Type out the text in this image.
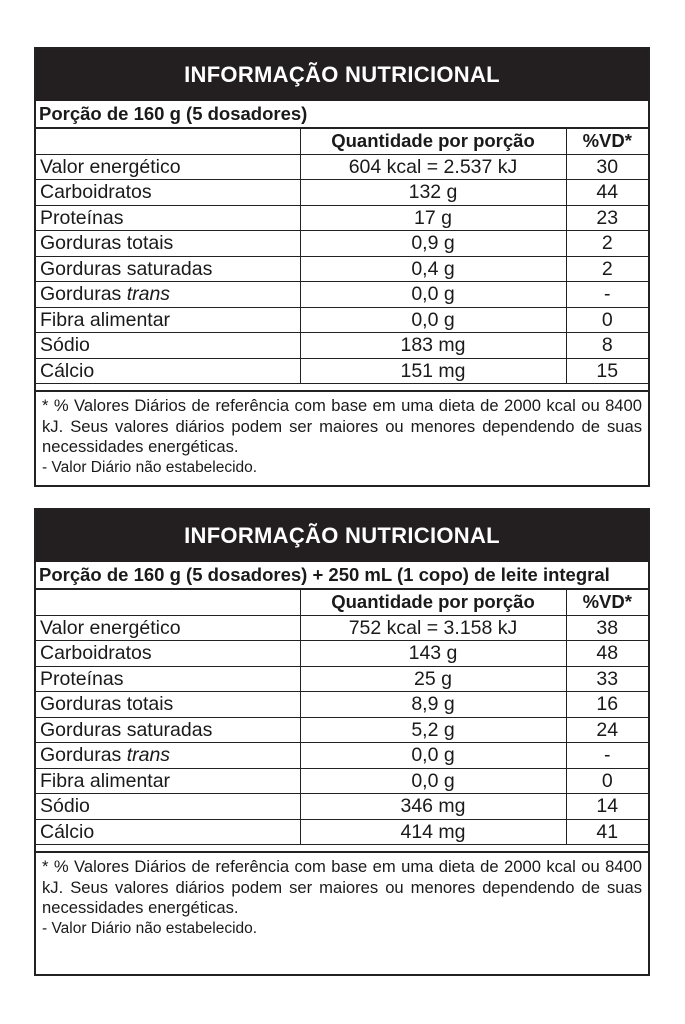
INFORMAÇÃO NUTRICIONAL
Porção de 160 g (5 dosadores)
	Quantidade por porção	%VD*
Valor energético	604 kcal = 2.537 kJ	30
Carboidratos	132 g	44
Proteínas	17 g	23
Gorduras totais	0,9 g	2
Gorduras saturadas	0,4 g	2
Gorduras trans	0,0 g	-
Fibra alimentar	0,0 g	0
Sódio	183 mg	8
Cálcio	151 mg	15

* % Valores Diários de referência com base em uma dieta de 2000 kcal ou 8400 kJ. Seus valores diários podem ser maiores ou menores dependendo de suas necessidades energéticas.

- Valor Diário não estabelecido.

INFORMAÇÃO NUTRICIONAL
Porção de 160 g (5 dosadores) + 250 mL (1 copo) de leite integral
	Quantidade por porção	%VD*
Valor energético	752 kcal = 3.158 kJ	38
Carboidratos	143 g	48
Proteínas	25 g	33
Gorduras totais	8,9 g	16
Gorduras saturadas	5,2 g	24
Gorduras trans	0,0 g	-
Fibra alimentar	0,0 g	0
Sódio	346 mg	14
Cálcio	414 mg	41

* % Valores Diários de referência com base em uma dieta de 2000 kcal ou 8400 kJ. Seus valores diários podem ser maiores ou menores dependendo de suas necessidades energéticas.

- Valor Diário não estabelecido.
